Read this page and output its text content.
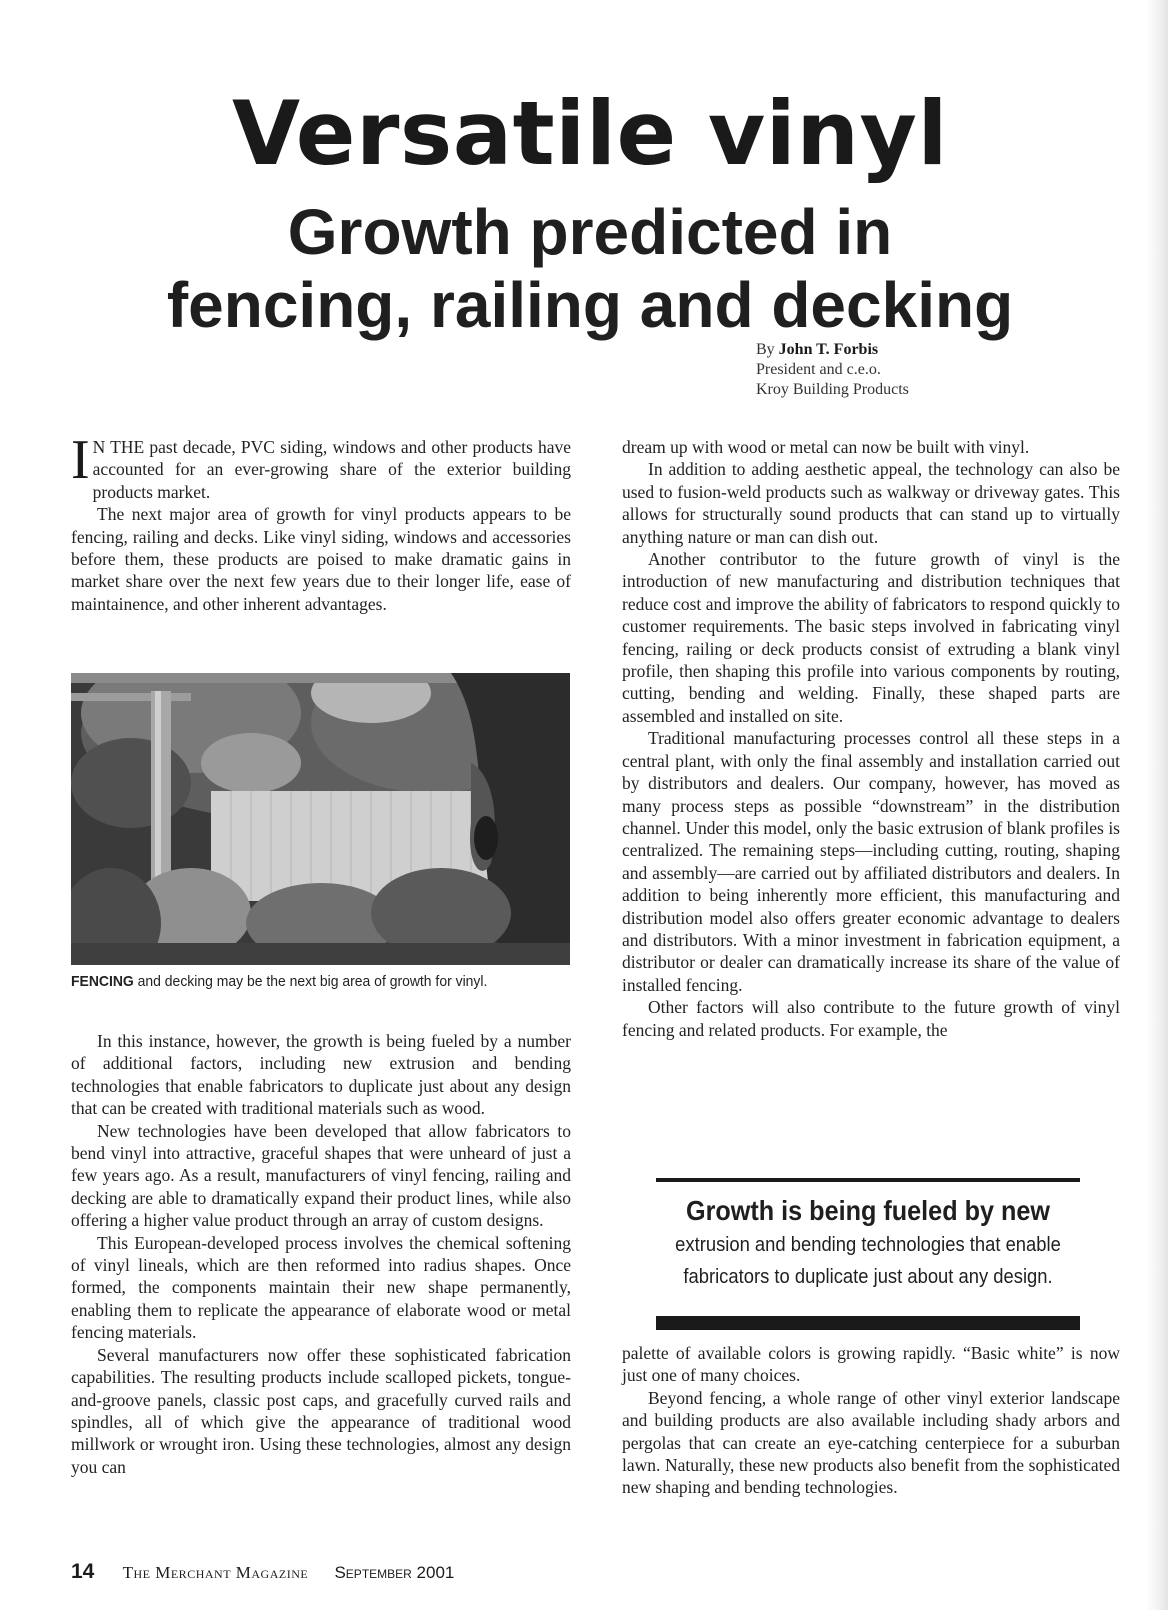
Versatile vinyl
Growth predicted in
fencing, railing and decking
By John T. Forbis
President and c.e.o.
Kroy Building Products

I N THE past decade, PVC siding, windows and other products have accounted for an ever-growing share of the exterior building products market.

The next major area of growth for vinyl products appears to be fencing, railing and decks. Like vinyl siding, windows and accessories before them, these products are poised to make dramatic gains in market share over the next few years due to their longer life, ease of maintainence, and other inherent advantages.

FENCING and decking may be the next big area of growth for vinyl.

In this instance, however, the growth is being fueled by a number of additional factors, including new extrusion and bending technologies that enable fabricators to duplicate just about any design that can be created with traditional materials such as wood.

New technologies have been developed that allow fabricators to bend vinyl into attractive, graceful shapes that were unheard of just a few years ago. As a result, manufacturers of vinyl fencing, railing and decking are able to dramatically expand their product lines, while also offering a higher value product through an array of custom designs.

This European-developed process involves the chemical softening of vinyl lineals, which are then reformed into radius shapes. Once formed, the components maintain their new shape permanently, enabling them to replicate the appearance of elaborate wood or metal fencing materials.

Several manufacturers now offer these sophisticated fabrication capabilities. The resulting products include scalloped pickets, tongue-and-groove panels, classic post caps, and gracefully curved rails and spindles, all of which give the appearance of traditional wood millwork or wrought iron. Using these technologies, almost any design you can

dream up with wood or metal can now be built with vinyl.

In addition to adding aesthetic appeal, the technology can also be used to fusion-weld products such as walkway or driveway gates. This allows for structurally sound products that can stand up to virtually anything nature or man can dish out.

Another contributor to the future growth of vinyl is the introduction of new manufacturing and distribution techniques that reduce cost and improve the ability of fabricators to respond quickly to customer requirements. The basic steps involved in fabricating vinyl fencing, railing or deck products consist of extruding a blank vinyl profile, then shaping this profile into various components by routing, cutting, bending and welding. Finally, these shaped parts are assembled and installed on site.

Traditional manufacturing processes control all these steps in a central plant, with only the final assembly and installation carried out by distributors and dealers. Our company, however, has moved as many process steps as possible “downstream” in the distribution channel. Under this model, only the basic extrusion of blank profiles is centralized. The remaining steps—including cutting, routing, shaping and assembly—are carried out by affiliated distributors and dealers. In addition to being inherently more efficient, this manufacturing and distribution model also offers greater economic advantage to dealers and distributors. With a minor investment in fabrication equipment, a distributor or dealer can dramatically increase its share of the value of installed fencing.

Other factors will also contribute to the future growth of vinyl fencing and related products. For example, the

Growth is being fueled by new
extrusion and bending technologies that enable
fabricators to duplicate just about any design.

palette of available colors is growing rapidly. “Basic white” is now just one of many choices.

Beyond fencing, a whole range of other vinyl exterior landscape and building products are also available including shady arbors and pergolas that can create an eye-catching centerpiece for a suburban lawn. Naturally, these new products also benefit from the sophisticated new shaping and bending technologies.

14 The Merchant Magazine September 2001
